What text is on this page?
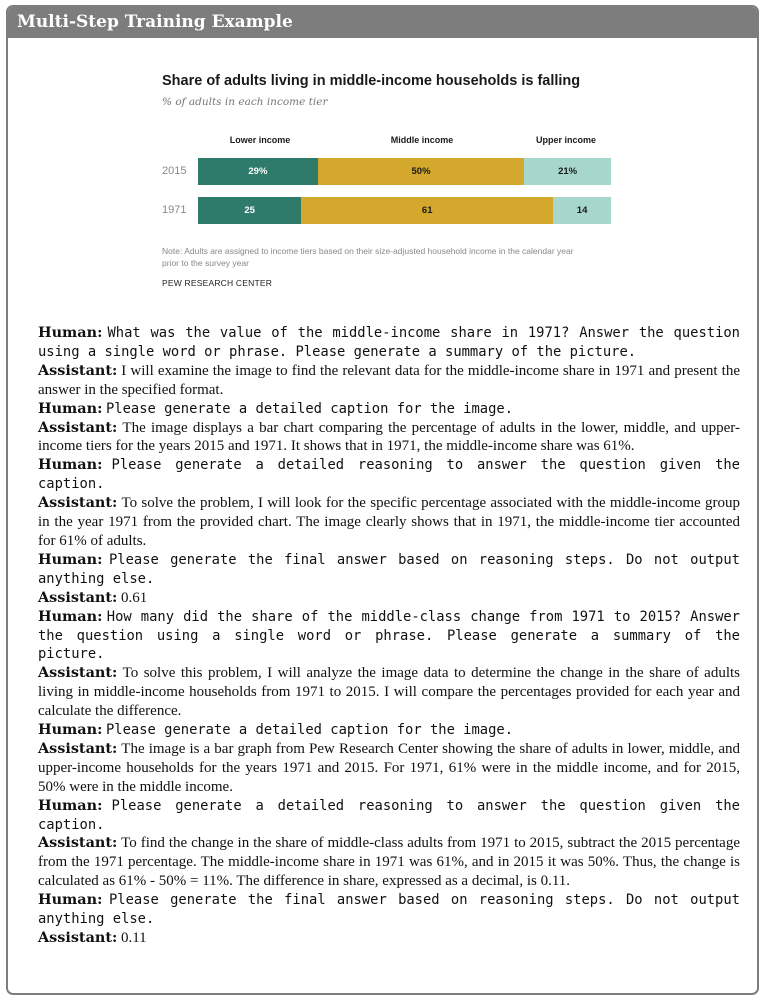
Multi-Step Training Example
Share of adults living in middle-income households is falling
% of adults in each income tier
Lower income	Middle income	Upper income
2015	29%	50%	21%
1971	25	61	14
Note: Adults are assigned to income tiers based on their size-adjusted household income in the calendar year prior to the survey year
PEW RESEARCH CENTER

Human: What was the value of the middle-income share in 1971? Answer the question using a single word or phrase. Please generate a summary of the picture.

Assistant: I will examine the image to find the relevant data for the middle-income share in 1971 and present the answer in the specified format.

Human: Please generate a detailed caption for the image.

Assistant: The image displays a bar chart comparing the percentage of adults in the lower, middle, and upper-income tiers for the years 2015 and 1971. It shows that in 1971, the middle-income share was 61%.

Human: Please generate a detailed reasoning to answer the question given the caption.

Assistant: To solve the problem, I will look for the specific percentage associated with the middle-income group in the year 1971 from the provided chart. The image clearly shows that in 1971, the middle-income tier accounted for 61% of adults.

Human: Please generate the final answer based on reasoning steps. Do not output anything else.

Assistant: 0.61

Human: How many did the share of the middle-class change from 1971 to 2015? Answer the question using a single word or phrase. Please generate a summary of the picture.

Assistant: To solve this problem, I will analyze the image data to determine the change in the share of adults living in middle-income households from 1971 to 2015. I will compare the percentages provided for each year and calculate the difference.

Human: Please generate a detailed caption for the image.

Assistant: The image is a bar graph from Pew Research Center showing the share of adults in lower, middle, and upper-income households for the years 1971 and 2015. For 1971, 61% were in the middle income, and for 2015, 50% were in the middle income.

Human: Please generate a detailed reasoning to answer the question given the caption.

Assistant: To find the change in the share of middle-class adults from 1971 to 2015, subtract the 2015 percentage from the 1971 percentage. The middle-income share in 1971 was 61%, and in 2015 it was 50%. Thus, the change is calculated as 61% - 50% = 11%. The difference in share, expressed as a decimal, is 0.11.

Human: Please generate the final answer based on reasoning steps. Do not output anything else.

Assistant: 0.11
